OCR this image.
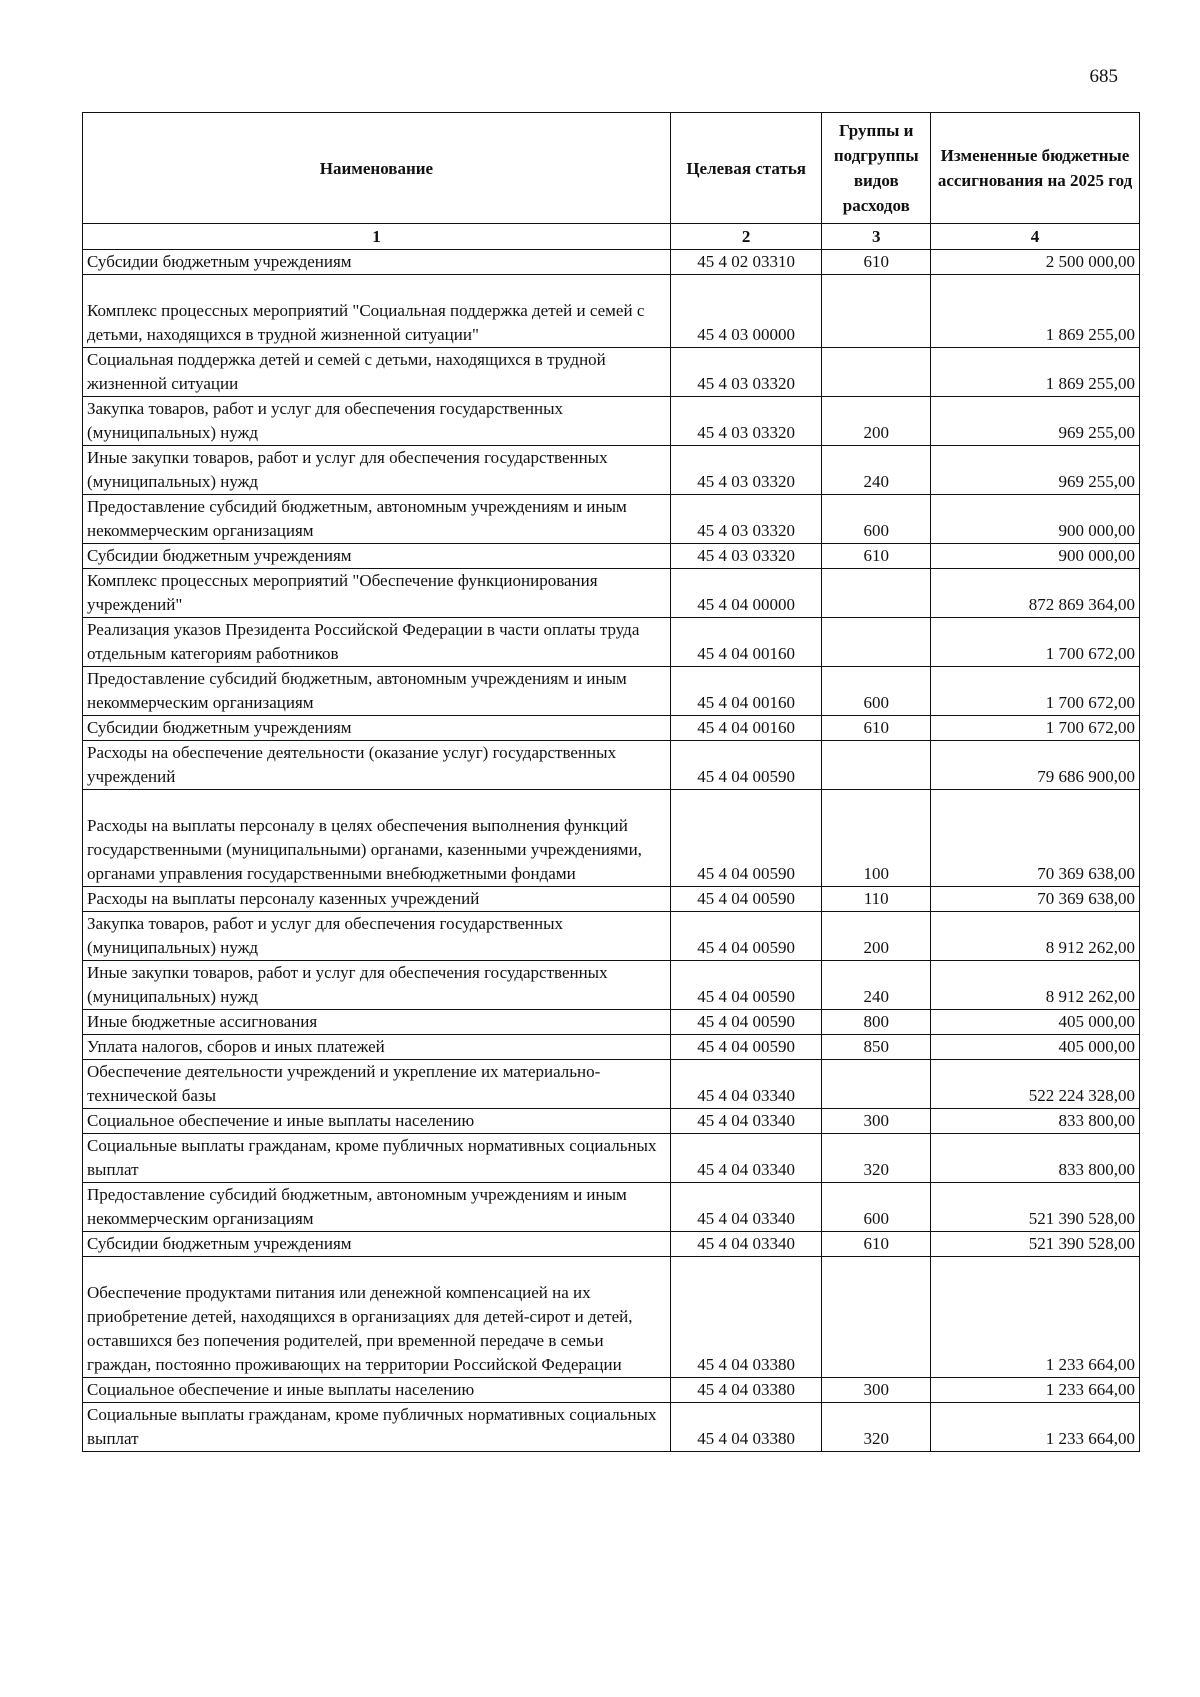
685
Наименование	Целевая статья	Группы и подгруппы видов расходов	Измененные бюджетные ассигнования на 2025 год
1	2	3	4
Субсидии бюджетным учреждениям	45 4 02 03310	610	2 500 000,00

Комплекс процессных мероприятий "Социальная поддержка детей и семей с детьми, находящихся в трудной жизненной ситуации"	45 4 03 00000		1 869 255,00
Социальная поддержка детей и семей с детьми, находящихся в трудной жизненной ситуации	45 4 03 03320		1 869 255,00
Закупка товаров, работ и услуг для обеспечения государственных (муниципальных) нужд	45 4 03 03320	200	969 255,00
Иные закупки товаров, работ и услуг для обеспечения государственных (муниципальных) нужд	45 4 03 03320	240	969 255,00
Предоставление субсидий бюджетным, автономным учреждениям и иным некоммерческим организациям	45 4 03 03320	600	900 000,00
Субсидии бюджетным учреждениям	45 4 03 03320	610	900 000,00
Комплекс процессных мероприятий "Обеспечение функционирования учреждений"	45 4 04 00000		872 869 364,00
Реализация указов Президента Российской Федерации в части оплаты труда отдельным категориям работников	45 4 04 00160		1 700 672,00
Предоставление субсидий бюджетным, автономным учреждениям и иным некоммерческим организациям	45 4 04 00160	600	1 700 672,00
Субсидии бюджетным учреждениям	45 4 04 00160	610	1 700 672,00
Расходы на обеспечение деятельности (оказание услуг) государственных учреждений	45 4 04 00590		79 686 900,00

Расходы на выплаты персоналу в целях обеспечения выполнения функций государственными (муниципальными) органами, казенными учреждениями, органами управления государственными внебюджетными фондами	45 4 04 00590	100	70 369 638,00
Расходы на выплаты персоналу казенных учреждений	45 4 04 00590	110	70 369 638,00
Закупка товаров, работ и услуг для обеспечения государственных (муниципальных) нужд	45 4 04 00590	200	8 912 262,00
Иные закупки товаров, работ и услуг для обеспечения государственных (муниципальных) нужд	45 4 04 00590	240	8 912 262,00
Иные бюджетные ассигнования	45 4 04 00590	800	405 000,00
Уплата налогов, сборов и иных платежей	45 4 04 00590	850	405 000,00
Обеспечение деятельности учреждений и укрепление их материально-технической базы	45 4 04 03340		522 224 328,00
Социальное обеспечение и иные выплаты населению	45 4 04 03340	300	833 800,00
Социальные выплаты гражданам, кроме публичных нормативных социальных выплат	45 4 04 03340	320	833 800,00
Предоставление субсидий бюджетным, автономным учреждениям и иным некоммерческим организациям	45 4 04 03340	600	521 390 528,00
Субсидии бюджетным учреждениям	45 4 04 03340	610	521 390 528,00

Обеспечение продуктами питания или денежной компенсацией на их приобретение детей, находящихся в организациях для детей-сирот и детей, оставшихся без попечения родителей, при временной передаче в семьи граждан, постоянно проживающих на территории Российской Федерации	45 4 04 03380		1 233 664,00
Социальное обеспечение и иные выплаты населению	45 4 04 03380	300	1 233 664,00
Социальные выплаты гражданам, кроме публичных нормативных социальных выплат	45 4 04 03380	320	1 233 664,00
